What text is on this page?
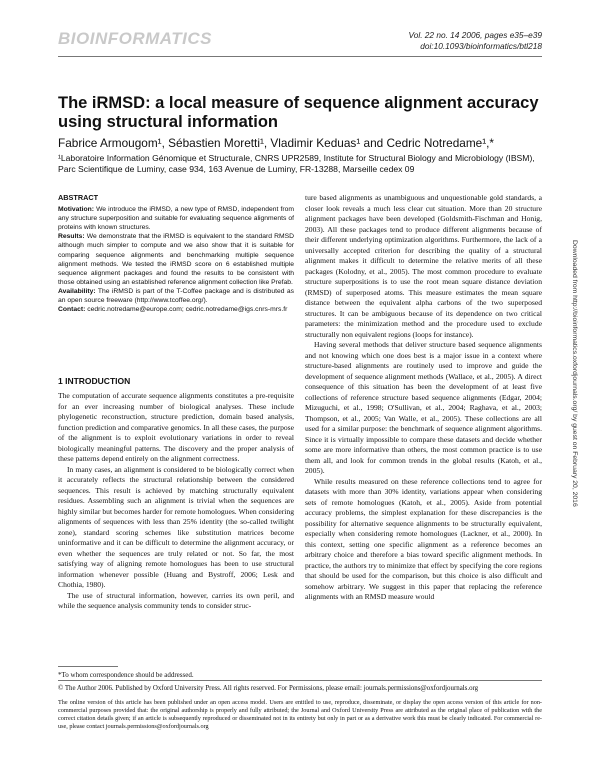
BIOINFORMATICS	Vol. 22 no. 14 2006, pages e35–e39
doi:10.1093/bioinformatics/btl218
The iRMSD: a local measure of sequence alignment accuracy using structural information
Fabrice Armougom¹, Sébastien Moretti¹, Vladimir Keduas¹ and Cedric Notredame¹,*
¹Laboratoire Information Génomique et Structurale, CNRS UPR2589, Institute for Structural Biology and Microbiology (IBSM), Parc Scientifique de Luminy, case 934, 163 Avenue de Luminy, FR-13288, Marseille cedex 09
ABSTRACT

Motivation: We introduce the iRMSD, a new type of RMSD, independent from any structure superposition and suitable for evaluating sequence alignments of proteins with known structures.

Results: We demonstrate that the iRMSD is equivalent to the standard RMSD although much simpler to compute and we also show that it is suitable for comparing sequence alignments and benchmarking multiple sequence alignment methods. We tested the iRMSD score on 6 established multiple sequence alignment packages and found the results to be consistent with those obtained using an established reference alignment collection like Prefab.

Availability: The iRMSD is part of the T-Coffee package and is distributed as an open source freeware (http://www.tcoffee.org/).

Contact: cedric.notredame@europe.com; cedric.notredame@igs.cnrs-mrs.fr

1 INTRODUCTION

The computation of accurate sequence alignments constitutes a pre-requisite for an ever increasing number of biological analyses. These include phylogenetic reconstruction, structure prediction, domain based analysis, function prediction and comparative genomics. In all these cases, the purpose of the alignment is to exploit evolutionary variations in order to reveal biologically meaningful patterns. The discovery and the proper analysis of these patterns depend entirely on the alignment correctness.

In many cases, an alignment is considered to be biologically correct when it accurately reflects the structural relationship between the considered sequences. This result is achieved by matching structurally equivalent residues. Assembling such an alignment is trivial when the sequences are highly similar but becomes harder for remote homologues. When considering alignments of sequences with less than 25% identity (the so-called twilight zone), standard scoring schemes like substitution matrices become uninformative and it can be difficult to determine the alignment accuracy, or even whether the sequences are truly related or not. So far, the most satisfying way of aligning remote homologues has been to use structural information whenever possible (Huang and Bystroff, 2006; Lesk and Chothia, 1980).

The use of structural information, however, carries its own peril, and while the sequence analysis community tends to consider struc-

ture based alignments as unambiguous and unquestionable gold standards, a closer look reveals a much less clear cut situation. More than 20 structure alignment packages have been developed (Goldsmith-Fischman and Honig, 2003). All these packages tend to produce different alignments because of their different underlying optimization algorithms. Furthermore, the lack of a universally accepted criterion for describing the quality of a structural alignment makes it difficult to determine the relative merits of all these packages (Kolodny, et al., 2005). The most common procedure to evaluate structure superpositions is to use the root mean square distance deviation (RMSD) of superposed atoms. This measure estimates the mean square distance between the equivalent alpha carbons of the two superposed structures. It can be ambiguous because of its dependence on two critical parameters: the minimization method and the procedure used to exclude structurally non equivalent regions (loops for instance).

Having several methods that deliver structure based sequence alignments and not knowing which one does best is a major issue in a context where structure-based alignments are routinely used to improve and guide the development of sequence alignment methods (Wallace, et al., 2005). A direct consequence of this situation has been the development of at least five collections of reference structure based sequence alignments (Edgar, 2004; Mizuguchi, et al., 1998; O'Sullivan, et al., 2004; Raghava, et al., 2003; Thompson, et al., 2005; Van Walle, et al., 2005). These collections are all used for a similar purpose: the benchmark of sequence alignment algorithms. Since it is virtually impossible to compare these datasets and decide whether some are more informative than others, the most common practice is to use them all, and look for common trends in the global results (Katoh, et al., 2005).

While results measured on these reference collections tend to agree for datasets with more than 30% identity, variations appear when considering sets of remote homologues (Katoh, et al., 2005). Aside from potential accuracy problems, the simplest explanation for these discrepancies is the possibility for alternative sequence alignments to be structurally equivalent, especially when considering remote homologues (Lackner, et al., 2000). In this context, setting one specific alignment as a reference becomes an arbitrary choice and therefore a bias toward specific alignment methods. In practice, the authors try to minimize that effect by specifying the core regions that should be used for the comparison, but this choice is also difficult and somehow arbitrary. We suggest in this paper that replacing the reference alignments with an RMSD measure would

*To whom correspondence should be addressed.
© The Author 2006. Published by Oxford University Press. All rights reserved. For Permissions, please email: journals.permissions@oxfordjournals.org
The online version of this article has been published under an open access model. Users are entitled to use, reproduce, disseminate, or display the open access version of this article for non-commercial purposes provided that: the original authorship is properly and fully attributed; the Journal and Oxford University Press are attributed as the original place of publication with the correct citation details given; if an article is subsequently reproduced or disseminated not in its entirety but only in part or as a derivative work this must be clearly indicated. For commercial re-use, please contact journals.permissions@oxfordjournals.org
Downloaded from http://bioinformatics.oxfordjournals.org/ by guest on February 20, 2016
